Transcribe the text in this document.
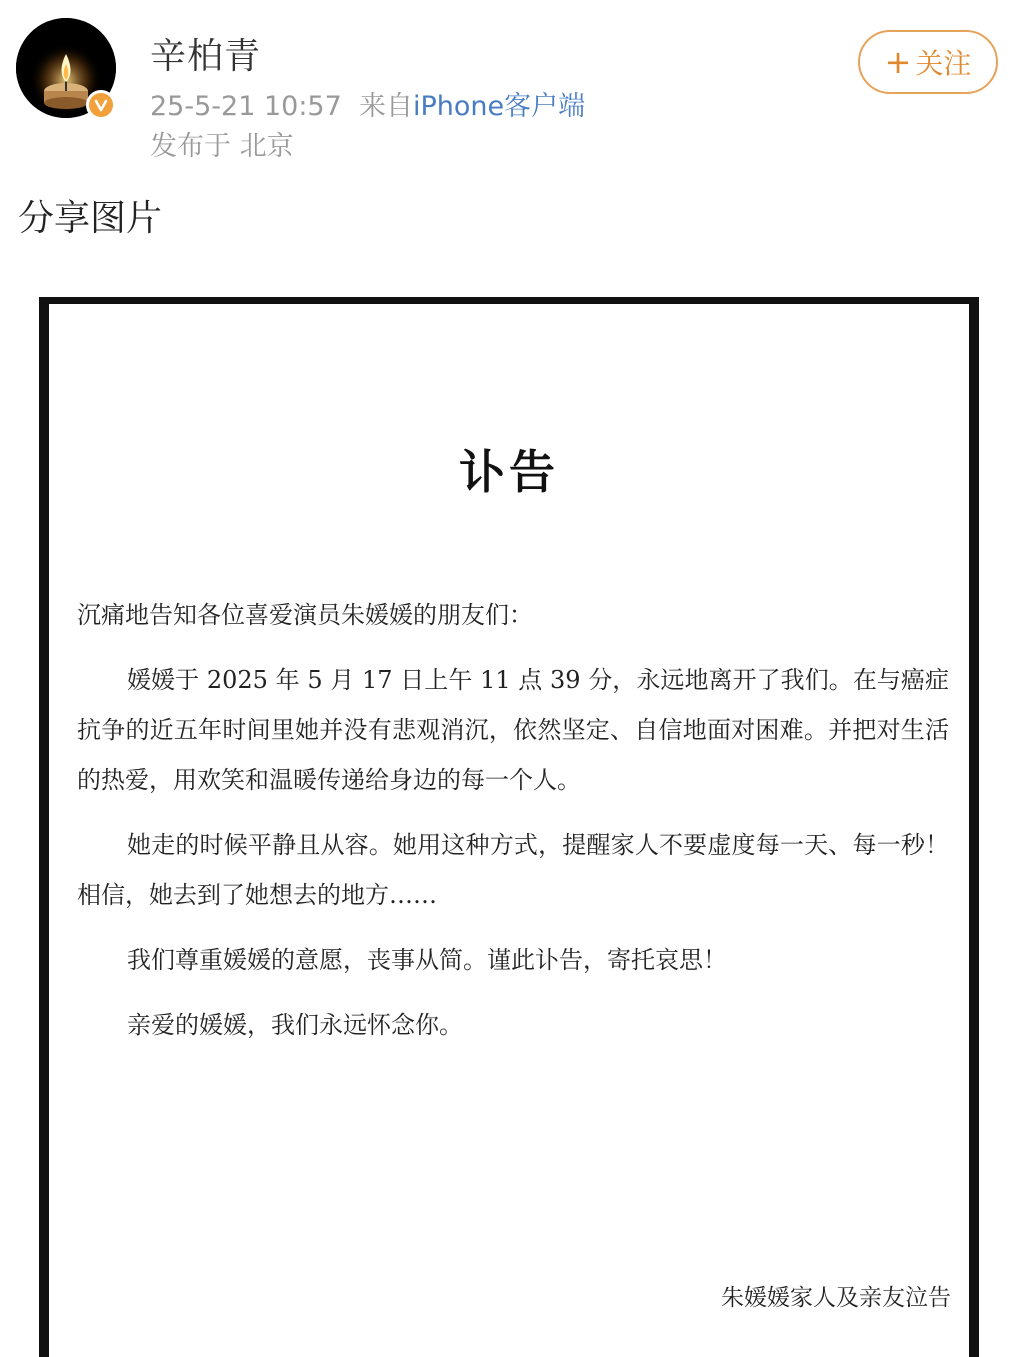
辛柏青
25-5-21 10:57 来自iPhone客户端
发布于 北京
+ 关注
分享图片
讣告

沉痛地告知各位喜爱演员朱媛媛的朋友们：

媛媛于 2025 年 5 月 17 日上午 11 点 39 分，永远地离开了我们。在与癌症抗争的近五年时间里她并没有悲观消沉，依然坚定、自信地面对困难。并把对生活的热爱，用欢笑和温暖传递给身边的每一个人。

她走的时候平静且从容。她用这种方式，提醒家人不要虚度每一天、每一秒！相信，她去到了她想去的地方……

我们尊重媛媛的意愿，丧事从简。谨此讣告，寄托哀思！

亲爱的媛媛，我们永远怀念你。

朱媛媛家人及亲友泣告
